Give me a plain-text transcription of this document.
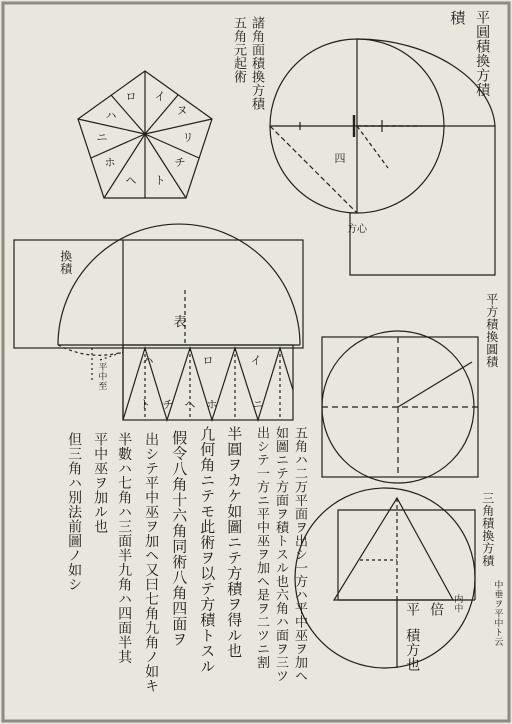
イ
ロ
ハ
ニ
ホ
ヘ ト
チ
リ
ヌ
ト チ ヘ ホ	ニ
ハ	ロ	イ
表
四
方心
積 平圓積換方積
諸角面積換方積
五角元起術
換積
平中至
平方積換圓積
三角積換方積
五角ハ二万平面ヲ出シ一方ハ平中巫ヲ加ヘ
如圖ニテ方面ヲ積トスル也六角ハ面ヲ三ツ
出シテ一方ニ平中巫ヲ加ヘ是ヲ二ツニ割
半圓ヲカケ如圖ニテ方積ヲ得ル也
凢何角ニテモ此術ヲ以テ方積トスル
假令八角十六角同術八角四面ヲ
出シテ平中巫ヲ加ヘ又曰七角九角ノ如キ
半數ハ七角ハ三面半九角ハ四面半其
平中巫ヲ加ル也
但三角ハ別法前圖ノ如シ
中垂ヲ平中ト云
内中
倍
平
積方也
